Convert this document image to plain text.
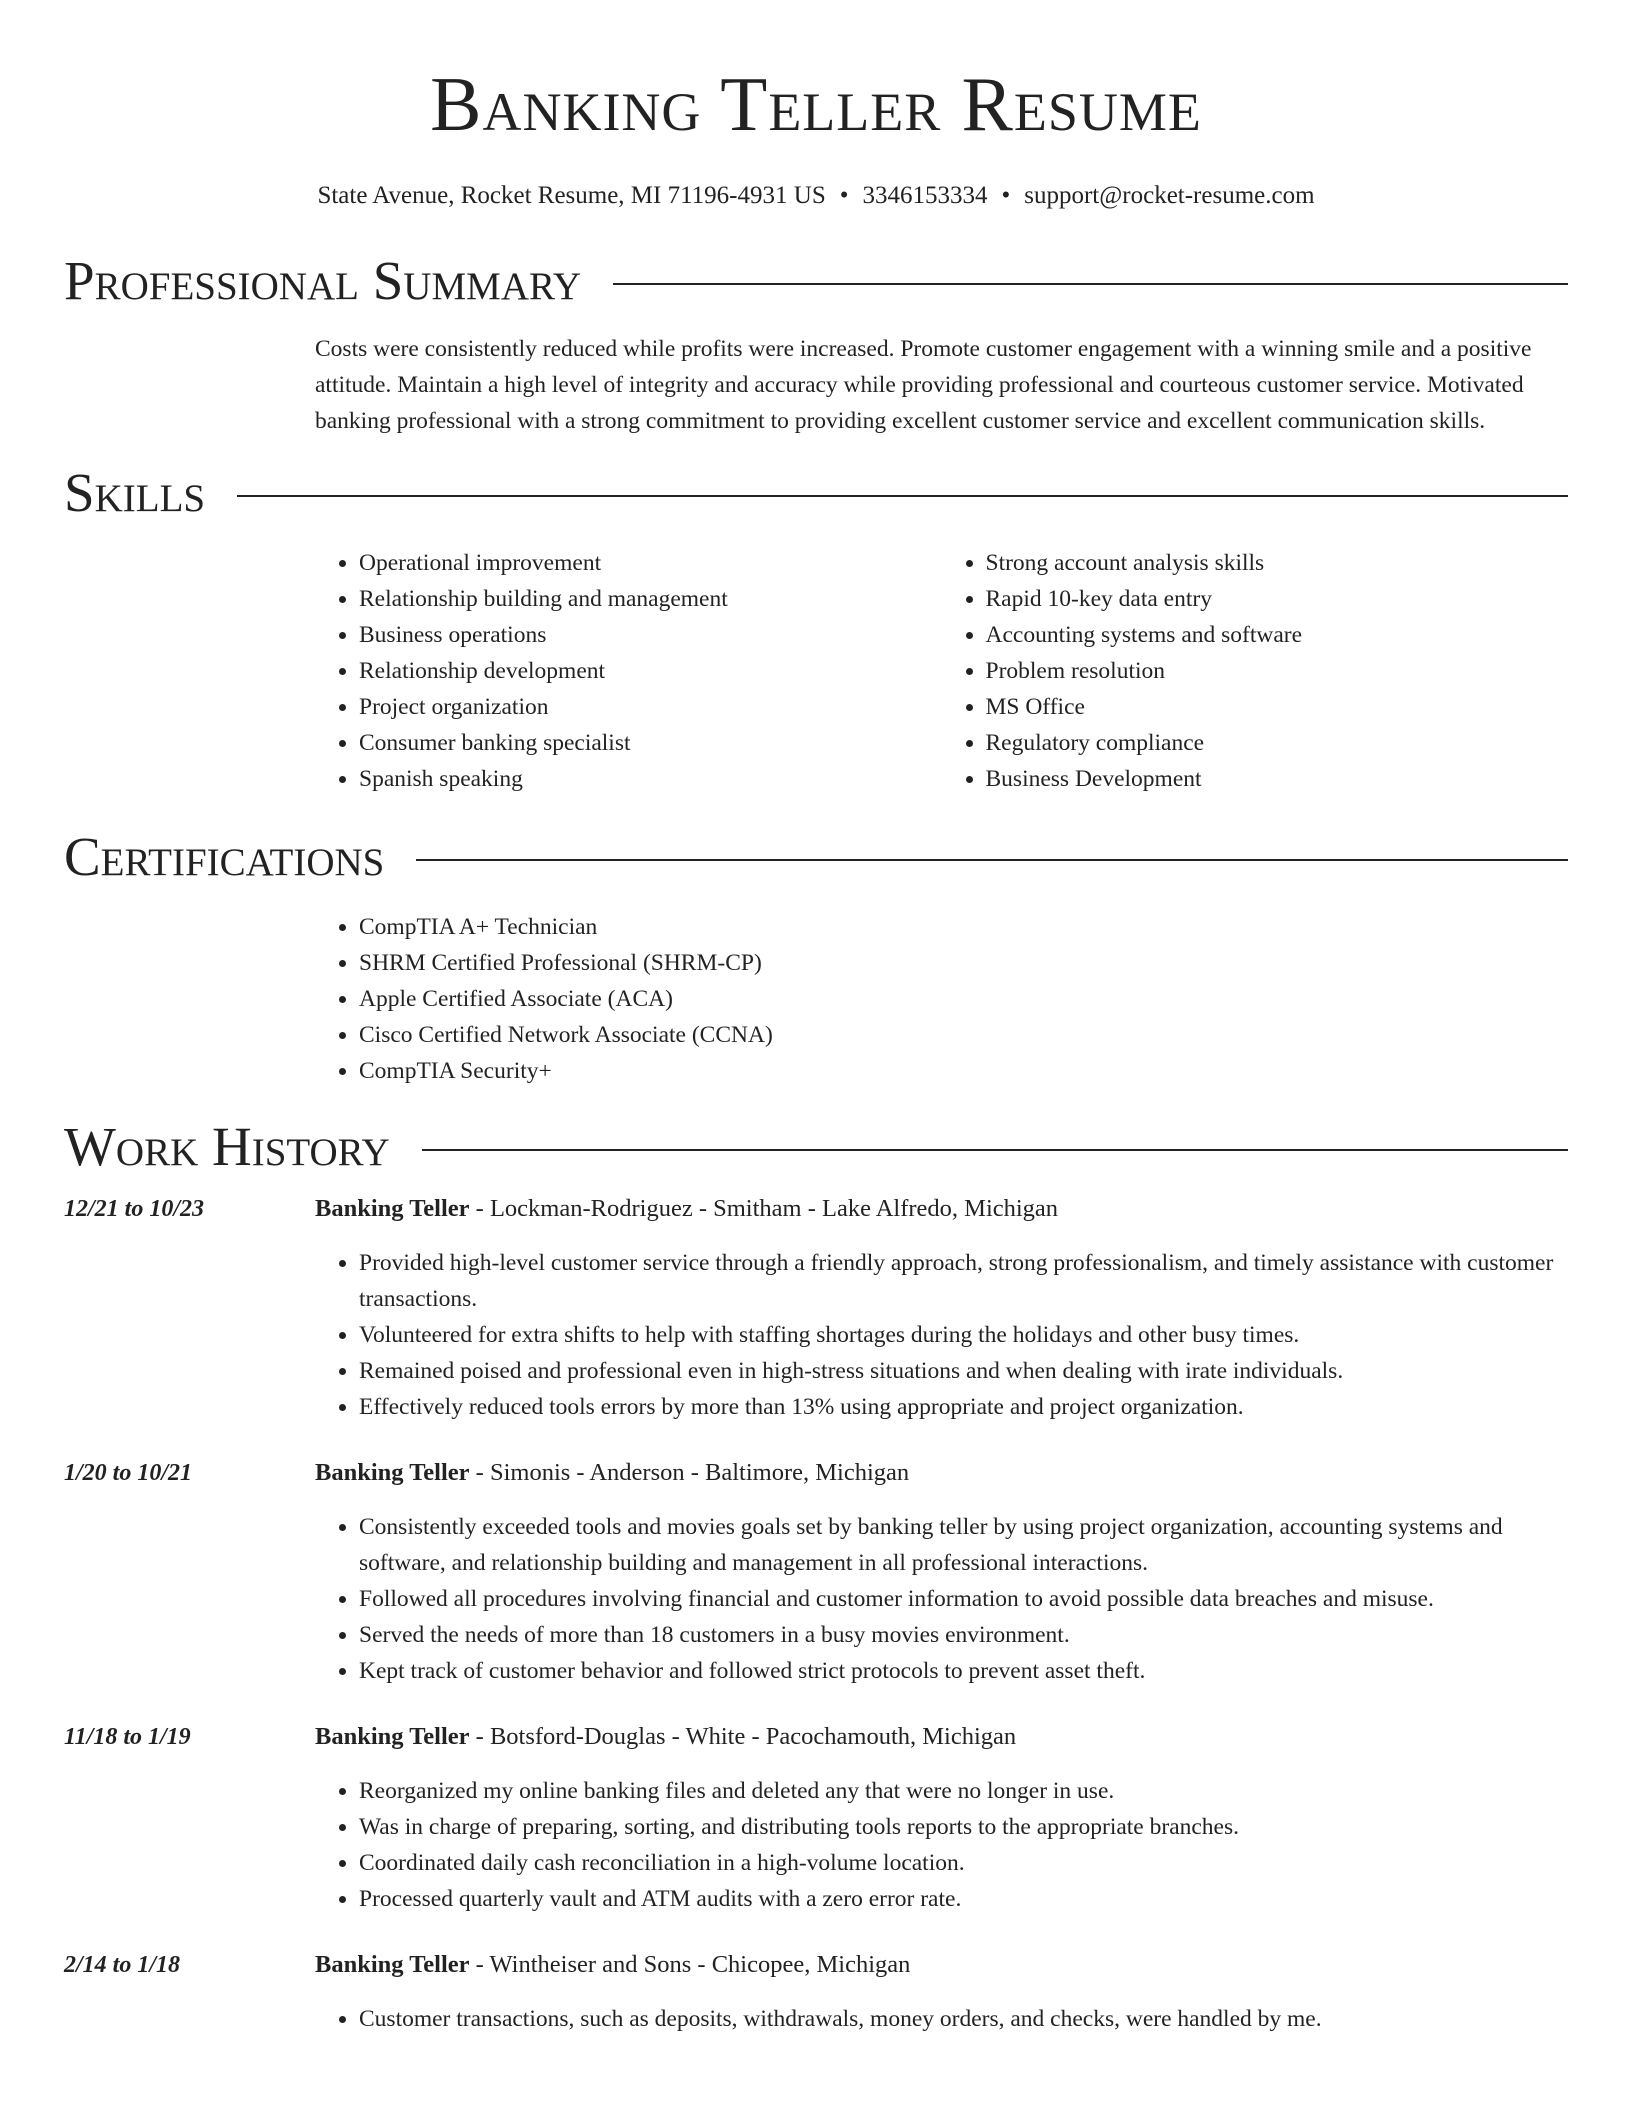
Banking Teller Resume
State Avenue, Rocket Resume, MI 71196-4931 US • 3346153334 • support@rocket-resume.com
Professional Summary
Costs were consistently reduced while profits were increased. Promote customer engagement with a winning smile and a positive attitude. Maintain a high level of integrity and accuracy while providing professional and courteous customer service. Motivated banking professional with a strong commitment to providing excellent customer service and excellent communication skills.
Skills
• Operational improvement
• Relationship building and management
• Business operations
• Relationship development
• Project organization
• Consumer banking specialist
• Spanish speaking
• Strong account analysis skills
• Rapid 10-key data entry
• Accounting systems and software
• Problem resolution
• MS Office
• Regulatory compliance
• Business Development
Certifications
• CompTIA A+ Technician
• SHRM Certified Professional (SHRM-CP)
• Apple Certified Associate (ACA)
• Cisco Certified Network Associate (CCNA)
• CompTIA Security+
Work History
12/21 to 10/23	Banking Teller - Lockman-Rodriguez - Smitham - Lake Alfredo, Michigan
• Provided high-level customer service through a friendly approach, strong professionalism, and timely assistance with customer transactions.
• Volunteered for extra shifts to help with staffing shortages during the holidays and other busy times.
• Remained poised and professional even in high-stress situations and when dealing with irate individuals.
• Effectively reduced tools errors by more than 13% using appropriate and project organization.
1/20 to 10/21	Banking Teller - Simonis - Anderson - Baltimore, Michigan
• Consistently exceeded tools and movies goals set by banking teller by using project organization, accounting systems and software, and relationship building and management in all professional interactions.
• Followed all procedures involving financial and customer information to avoid possible data breaches and misuse.
• Served the needs of more than 18 customers in a busy movies environment.
• Kept track of customer behavior and followed strict protocols to prevent asset theft.
11/18 to 1/19	Banking Teller - Botsford-Douglas - White - Pacochamouth, Michigan
• Reorganized my online banking files and deleted any that were no longer in use.
• Was in charge of preparing, sorting, and distributing tools reports to the appropriate branches.
• Coordinated daily cash reconciliation in a high-volume location.
• Processed quarterly vault and ATM audits with a zero error rate.
2/14 to 1/18	Banking Teller - Wintheiser and Sons - Chicopee, Michigan
• Customer transactions, such as deposits, withdrawals, money orders, and checks, were handled by me.
